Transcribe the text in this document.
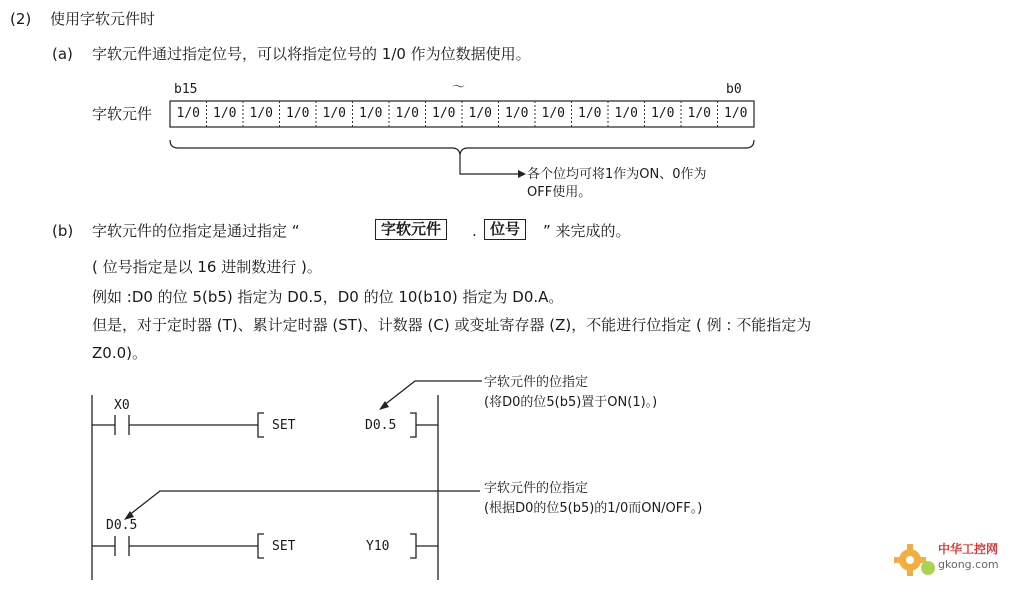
(2) 使用字软元件时
(a) 字软元件通过指定位号，可以将指定位号的 1/0 作为位数据使用。
b15	～	b0
字软元件	1/0	1/0	1/0	1/0	1/0	1/0	1/0	1/0	1/0	1/0	1/0	1/0	1/0	1/0	1/0	1/0
各个位均可将1作为ON、0作为
OFF使用。
(b) 字软元件的位指定是通过指定 “	字软元件	. 位号	” 来完成的。
( 位号指定是以 16 进制数进行 )。
例如 :D0 的位 5(b5) 指定为 D0.5，D0 的位 10(b10) 指定为 D0.A。
但是，对于定时器 (T)、累计定时器 (ST)、计数器 (C) 或变址寄存器 (Z)，不能进行位指定 ( 例 : 不能指定为
Z0.0)。
X0
SET	D0.5
字软元件的位指定
(将D0的位5(b5)置于ON(1)。)
D0.5
SET	Y10
字软元件的位指定
(根据D0的位5(b5)的1/0而ON/OFF。)
中华工控网
gkong.com
